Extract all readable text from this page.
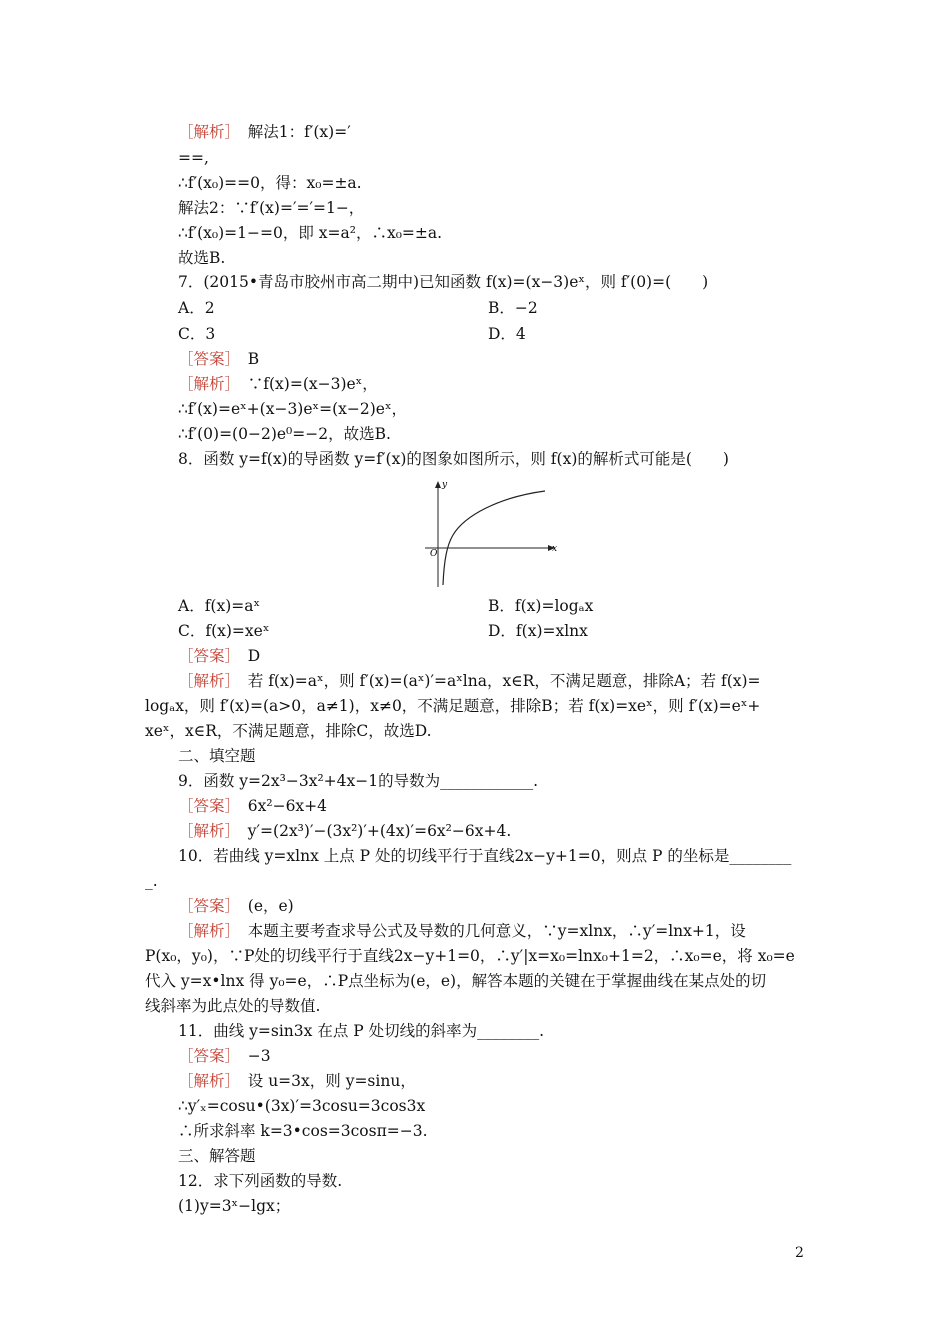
［解析］　解法1：f′(x)=′
==,
∴f′(x₀)==0，得：x₀=±a.
解法2：∵f′(x)=′=′=1−，
∴f′(x₀)=1−=0，即 x=a²，∴x₀=±a.
故选B.
7．(2015•青岛市胶州市高二期中)已知函数 f(x)=(x−3)eˣ，则 f′(0)=(　　)
A．2	B．−2
C．3	D．4
［答案］　B
［解析］　∵f(x)=(x−3)eˣ，
∴f′(x)=eˣ+(x−3)eˣ=(x−2)eˣ，
∴f′(0)=(0−2)e⁰=−2，故选B.
8．函数 y=f(x)的导函数 y=f′(x)的图象如图所示，则 f(x)的解析式可能是(　　)
A．f(x)=aˣ	B．f(x)=logₐx
C．f(x)=xeˣ	D．f(x)=xlnx
［答案］　D
［解析］　若 f(x)=aˣ，则 f′(x)=(aˣ)′=aˣlna，x∈R，不满足题意，排除A；若 f(x)=
logₐx，则 f′(x)=(a>0，a≠1)，x≠0，不满足题意，排除B；若 f(x)=xeˣ，则 f′(x)=eˣ+
xeˣ，x∈R，不满足题意，排除C，故选D.
二、填空题
9．函数 y=2x³−3x²+4x−1的导数为____________.
［答案］　6x²−6x+4
［解析］　y′=(2x³)′−(3x²)′+(4x)′=6x²−6x+4.
10．若曲线 y=xlnx 上点 P 处的切线平行于直线2x−y+1=0，则点 P 的坐标是________
_.
［答案］　(e，e)
［解析］　本题主要考查求导公式及导数的几何意义，∵y=xlnx，∴y′=lnx+1，设
P(x₀，y₀)，∵P处的切线平行于直线2x−y+1=0，∴y′|x=x₀=lnx₀+1=2，∴x₀=e，将 x₀=e
代入 y=x•lnx 得 y₀=e，∴P点坐标为(e，e)，解答本题的关键在于掌握曲线在某点处的切
线斜率为此点处的导数值.
11．曲线 y=sin3x 在点 P 处切线的斜率为________.
［答案］　−3
［解析］　设 u=3x，则 y=sinu，
∴y′ₓ=cosu•(3x)′=3cosu=3cos3x
∴所求斜率 k=3•cos=3cosπ=−3.
三、解答题
12．求下列函数的导数.
(1)y=3ˣ−lgx；
y
x
O
2
